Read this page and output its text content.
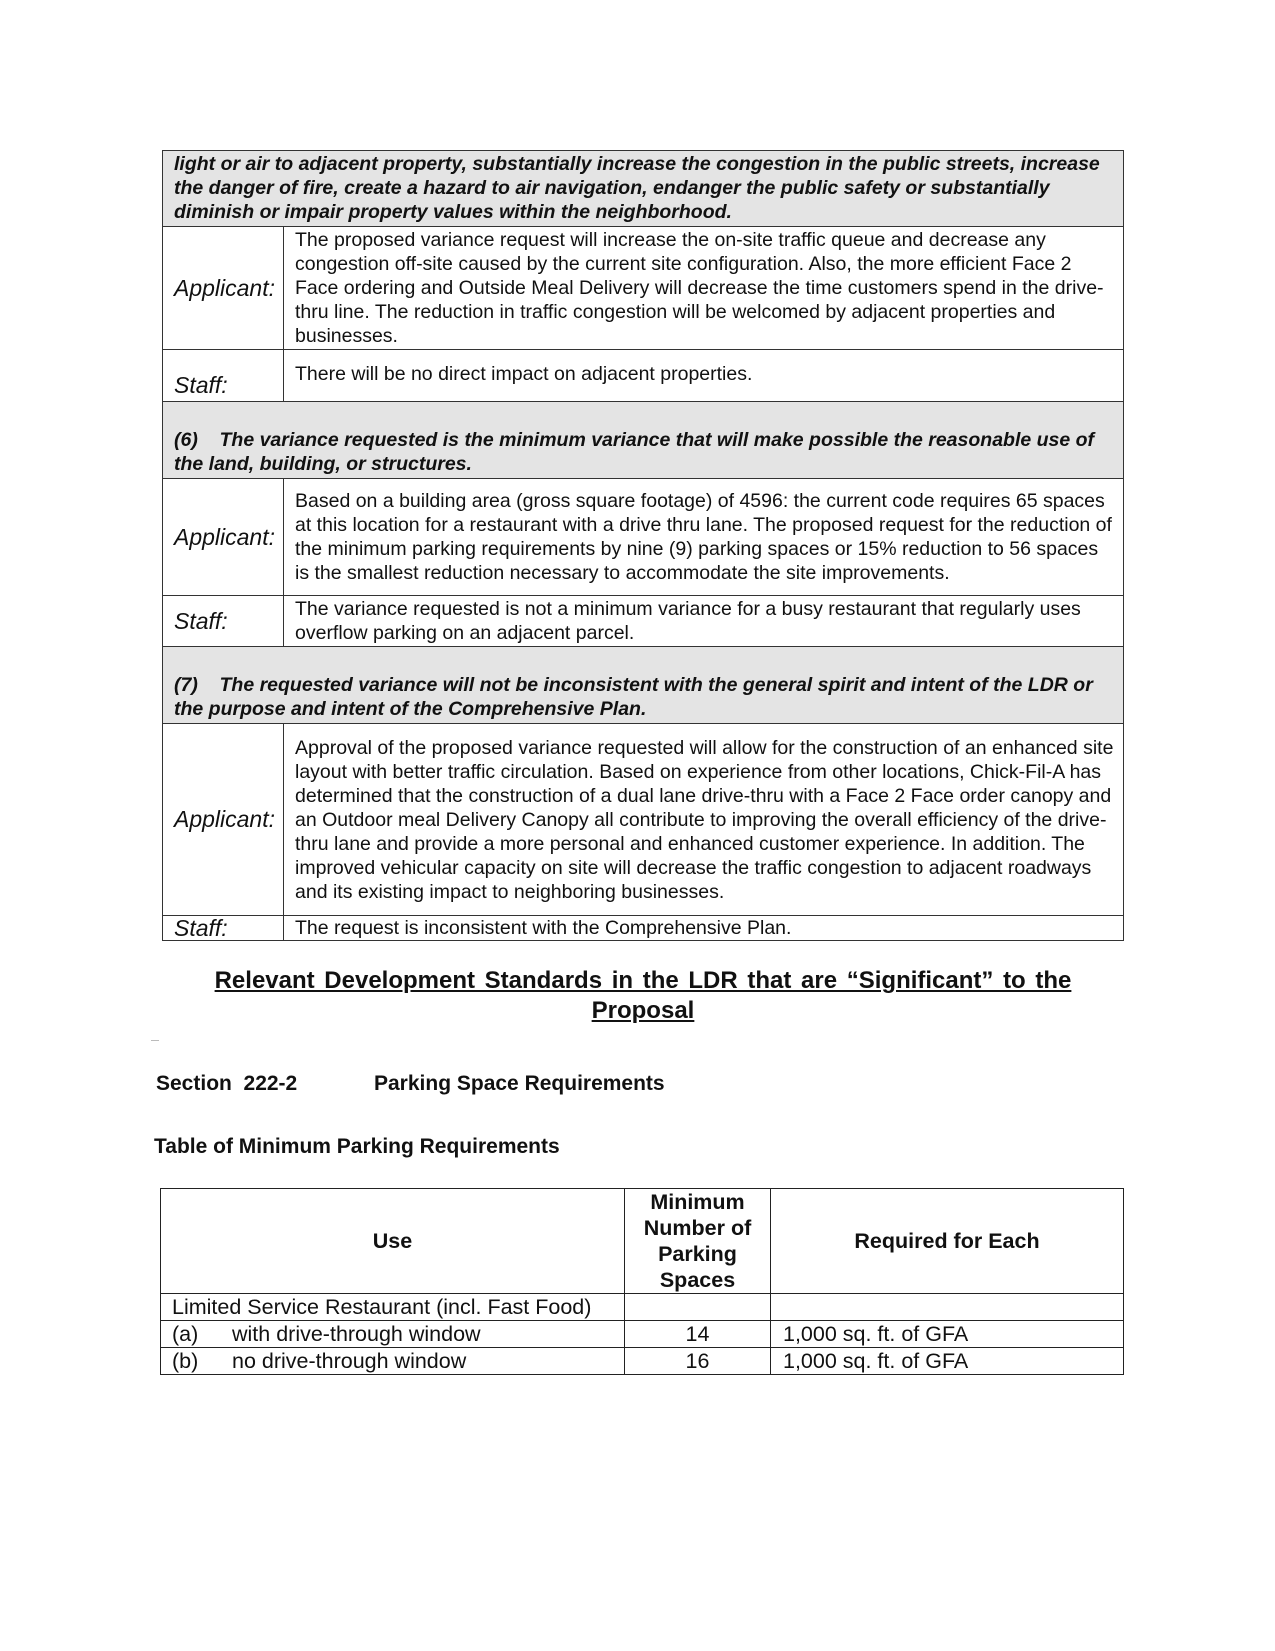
light or air to adjacent property, substantially increase the congestion in the public streets, increase the danger of fire, create a hazard to air navigation, endanger the public safety or substantially diminish or impair property values within the neighborhood.	
Applicant:	The proposed variance request will increase the on-site traffic queue and decrease any congestion off-site caused by the current site configuration. Also, the more efficient Face 2 Face ordering and Outside Meal Delivery will decrease the time customers spend in the drive-thru line. The reduction in traffic congestion will be welcomed by adjacent properties and businesses.
Staff:	There will be no direct impact on adjacent properties.
(6)    The variance requested is the minimum variance that will make possible the reasonable use of the land, building, or structures.	
Applicant:	Based on a building area (gross square footage) of 4596: the current code requires 65 spaces at this location for a restaurant with a drive thru lane. The proposed request for the reduction of the minimum parking requirements by nine (9) parking spaces or 15% reduction to 56 spaces is the smallest reduction necessary to accommodate the site improvements.
Staff:	The variance requested is not a minimum variance for a busy restaurant that regularly uses overflow parking on an adjacent parcel.
(7)    The requested variance will not be inconsistent with the general spirit and intent of the LDR or the purpose and intent of the Comprehensive Plan.	
Applicant:	Approval of the proposed variance requested will allow for the construction of an enhanced site layout with better traffic circulation. Based on experience from other locations, Chick-Fil-A has determined that the construction of a dual lane drive-thru with a Face 2 Face order canopy and an Outdoor meal Delivery Canopy all contribute to improving the overall efficiency of the drive-thru lane and provide a more personal and enhanced customer experience. In addition. The improved vehicular capacity on site will decrease the traffic congestion to adjacent roadways and its existing impact to neighboring businesses.
Staff:	The request is inconsistent with the Comprehensive Plan.
Relevant Development Standards in the LDR that are “Significant” to the Proposal
Section  222-2	Parking Space Requirements
Table of Minimum Parking Requirements
Use	Minimum Number of Parking Spaces	Required for Each
Limited Service Restaurant (incl. Fast Food)		
(a) with drive-through window	14	1,000 sq. ft. of GFA
(b) no drive-through window	16	1,000 sq. ft. of GFA
